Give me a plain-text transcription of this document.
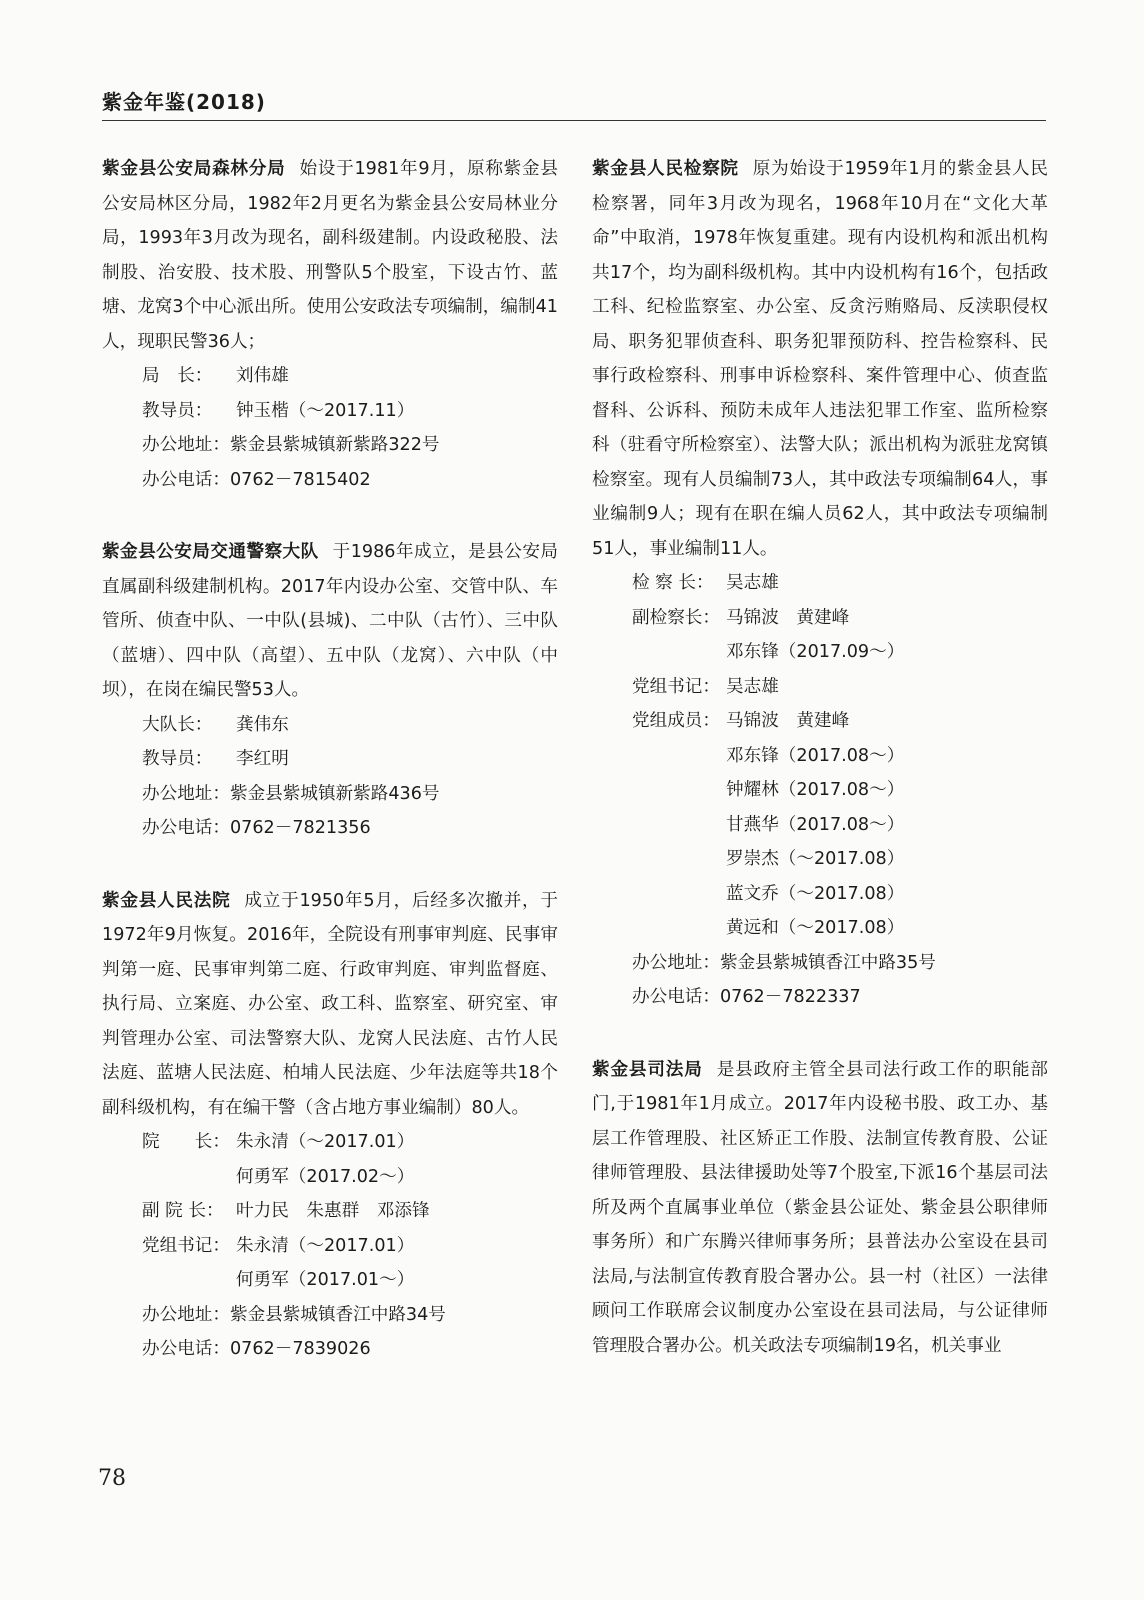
紫金年鉴(2018)

紫金县公安局森林分局 始设于1981年9月，原称紫金县公安局林区分局，1982年2月更名为紫金县公安局林业分局，1993年3月改为现名，副科级建制。内设政秘股、法制股、治安股、技术股、刑警队5个股室，下设古竹、蓝塘、龙窝3个中心派出所。使用公安政法专项编制，编制41人，现职民警36人；

局　长：	刘伟雄
教导员：	钟玉楷（～2017.11）
办公地址：紫金县紫城镇新紫路322号
办公电话：0762－7815402

紫金县公安局交通警察大队 于1986年成立，是县公安局直属副科级建制机构。2017年内设办公室、交管中队、车管所、侦查中队、一中队(县城)、二中队（古竹）、三中队（蓝塘）、四中队（高望）、五中队（龙窝）、六中队（中坝），在岗在编民警53人。

大队长：	龚伟东
教导员：	李红明
办公地址：紫金县紫城镇新紫路436号
办公电话：0762－7821356

紫金县人民法院 成立于1950年5月，后经多次撤并，于1972年9月恢复。2016年，全院设有刑事审判庭、民事审判第一庭、民事审判第二庭、行政审判庭、审判监督庭、执行局、立案庭、办公室、政工科、监察室、研究室、审判管理办公室、司法警察大队、龙窝人民法庭、古竹人民法庭、蓝塘人民法庭、柏埔人民法庭、少年法庭等共18个副科级机构，有在编干警（含占地方事业编制）80人。

院　　长： 朱永清（～2017.01）
何勇军（2017.02～）
副 院 长： 叶力民　朱惠群　邓添锋
党组书记： 朱永清（～2017.01）
何勇军（2017.01～）
办公地址：紫金县紫城镇香江中路34号
办公电话：0762－7839026

紫金县人民检察院 原为始设于1959年1月的紫金县人民检察署，同年3月改为现名，1968年10月在“文化大革命”中取消，1978年恢复重建。现有内设机构和派出机构共17个，均为副科级机构。其中内设机构有16个，包括政工科、纪检监察室、办公室、反贪污贿赂局、反渎职侵权局、职务犯罪侦查科、职务犯罪预防科、控告检察科、民事行政检察科、刑事申诉检察科、案件管理中心、侦查监督科、公诉科、预防未成年人违法犯罪工作室、监所检察科（驻看守所检察室）、法警大队；派出机构为派驻龙窝镇检察室。现有人员编制73人，其中政法专项编制64人，事业编制9人；现有在职在编人员62人，其中政法专项编制51人，事业编制11人。

检 察 长： 吴志雄
副检察长： 马锦波　黄建峰
邓东锋（2017.09～）
党组书记： 吴志雄
党组成员： 马锦波　黄建峰
邓东锋（2017.08～）
钟耀林（2017.08～）
甘燕华（2017.08～）
罗崇杰（～2017.08）
蓝文乔（～2017.08）
黄远和（～2017.08）
办公地址：紫金县紫城镇香江中路35号
办公电话：0762－7822337

紫金县司法局 是县政府主管全县司法行政工作的职能部门,于1981年1月成立。2017年内设秘书股、政工办、基层工作管理股、社区矫正工作股、法制宣传教育股、公证律师管理股、县法律援助处等7个股室,下派16个基层司法所及两个直属事业单位（紫金县公证处、紫金县公职律师事务所）和广东腾兴律师事务所；县普法办公室设在县司法局,与法制宣传教育股合署办公。县一村（社区）一法律顾问工作联席会议制度办公室设在县司法局，与公证律师管理股合署办公。机关政法专项编制19名，机关事业

78
